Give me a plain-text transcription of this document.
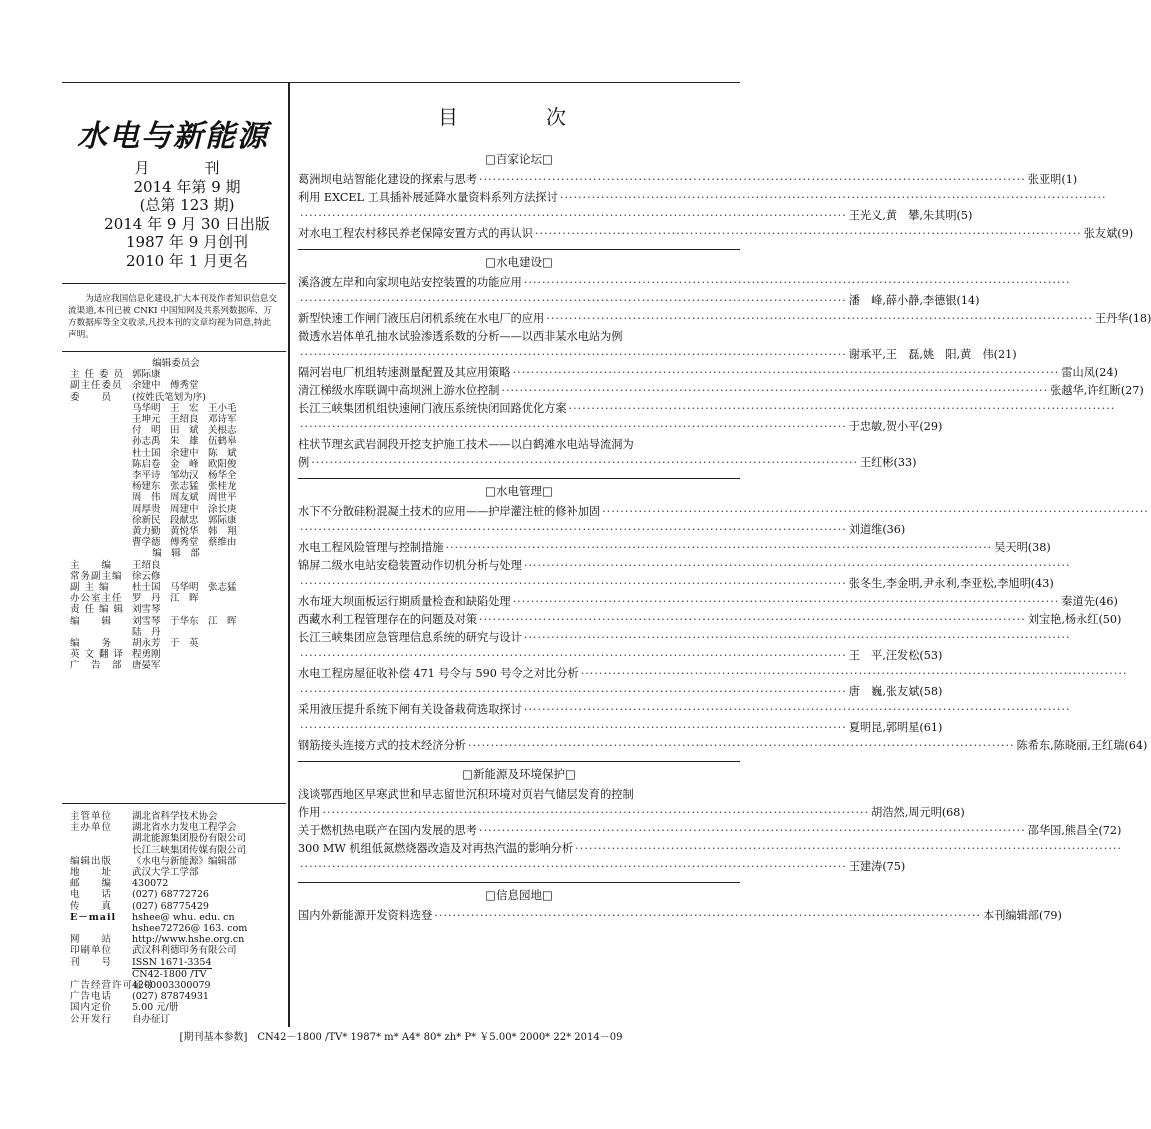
水电与新能源
月　刊
2014 年第 9 期
(总第 123 期)
2014 年 9 月 30 日出版
1987 年 9 月创刊
2010 年 1 月更名
为适应我国信息化建设,扩大本刊及作者知识信息交流渠道,本刊已被 CNKI 中国知网及共系列数据库、万方数据库等全文收录,凡投本刊的文章均视为同意,特此声明。
编辑委员会
主 任 委 员 郭际康
副主任委员 余建中　傅秀堂
委　　员	(按姓氏笔划为序)
马华明　王　宏　王小毛
王坤元　王绍良　邓诗军
付　明　田　斌　关根志
孙志禹　朱　雄　伍鹤皋
杜士国　余建中　陈　斌
陈启卷　金　峰　欧阳俊
李平诗　邹幼汉　杨华全
杨建东　张志猛　张桂龙
周　伟　周友斌　周世平
周厚贵　周建中　涂长庚
徐新民　段献忠　郭际康
黄力勤　黄悦华　韩　翔
曹学德　傅秀堂　蔡维由
编　辑　部
主　　编	王绍良
常务副主编 徐云修
副 主 编	杜士国　马华明　张志猛
办公室主任 罗　丹　江　晖
责 任 编 辑 刘雪琴
编　　辑	刘雪琴　于华东　江　晖
陆　丹
编　　务	胡永芳　于　英
英 文 翻 译 程勇刚
广　告　部 唐晏军
主管单位	湖北省科学技术协会
主办单位	湖北省水力发电工程学会
湖北能源集团股份有限公司
长江三峡集团传媒有限公司
编辑出版	《水电与新能源》编辑部
地　　址	武汉大学工学部
邮　　编	430072
电　　话	(027) 68772726
传　　真	(027) 68775429
E－mail	hshee@ whu. edu. cn
hshee72726@ 163. com
网　　站	http://www.hshe.org.cn
印刷单位	武汉科利德印务有限公司
刊　　号	ISSN 1671-3354
CN42-1800 /TV
广告经营许可证号
4200003300079
广告电话	(027) 87874931
国内定价	5.00 元/册
公开发行	自办征订
目　次
□百家论坛□
葛洲坝电站智能化建设的探索与思考 ························································································································ 张亚明(1)
利用 EXCEL 工具插补展延降水量资料系列方法探讨 ························································································································
························································································································ 王光义,黄　攀,朱其明(5)
对水电工程农村移民养老保障安置方式的再认识 ························································································································ 张友斌(9)
□水电建设□
溪洛渡左岸和向家坝电站安控装置的功能应用 ························································································································
························································································································ 潘　峰,薛小静,李德银(14)
新型快速工作闸门液压启闭机系统在水电厂的应用 ························································································································ 王丹华(18)
微透水岩体单孔抽水试验渗透系数的分析——以西非某水电站为例
························································································································ 谢承平,王　磊,姚　阳,黄　伟(21)
隔河岩电厂机组转速测量配置及其应用策略 ························································································································ 雷山凤(24)
清江梯级水库联调中高坝洲上游水位控制 ························································································································ 张越华,许红断(27)
长江三峡集团机组快速闸门液压系统快闭回路优化方案 ························································································································
························································································································ 于忠敏,贺小平(29)
柱状节理玄武岩洞段开挖支护施工技术——以白鹤滩水电站导流洞为
例 ························································································································ 王红彬(33)
□水电管理□
水下不分散硅粉混凝土技术的应用——护岸灌注桩的修补加固 ························································································································
························································································································ 刘道维(36)
水电工程风险管理与控制措施 ························································································································ 吴天明(38)
锦屏二级水电站安稳装置动作切机分析与处理 ························································································································
························································································································ 张冬生,李金明,尹永利,李亚松,李旭明(43)
水布垭大坝面板运行期质量检查和缺陷处理 ························································································································ 秦道先(46)
西藏水利工程管理存在的问题及对策 ························································································································ 刘宝艳,杨永红(50)
长江三峡集团应急管理信息系统的研究与设计 ························································································································
························································································································ 王　平,汪发松(53)
水电工程房屋征收补偿 471 号令与 590 号令之对比分析 ························································································································
························································································································ 唐　巍,张友斌(58)
采用液压提升系统下闸有关设备栽荷选取探讨 ························································································································
························································································································ 夏明昆,郭明星(61)
钢筋接头连接方式的技术经济分析 ························································································································ 陈希东,陈晓丽,王红瑞(64)
□新能源及环境保护□
浅谈鄂西地区早寒武世和早志留世沉积环境对页岩气储层发育的控制
作用 ························································································································ 胡浩然,周元明(68)
关于燃机热电联产在国内发展的思考 ························································································································ 邵华国,熊昌全(72)
300 MW 机组低氮燃烧器改造及对再热汽温的影响分析 ························································································································
························································································································ 王建涛(75)
□信息园地□
国内外新能源开发资料选登 ························································································································ 本刊编辑部(79)
[期刊基本参数]　CN42－1800 /TV* 1987* m* A4* 80* zh* P* ￥5.00* 2000* 22* 2014－09
